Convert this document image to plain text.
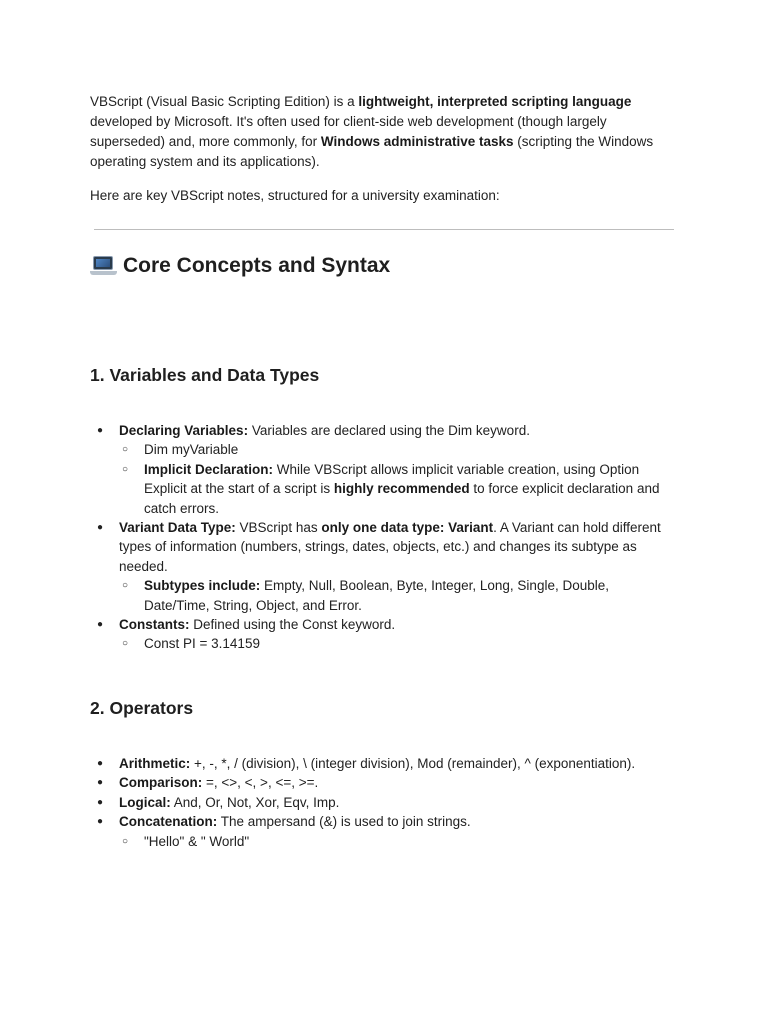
VBScript (Visual Basic Scripting Edition) is a lightweight, interpreted scripting language developed by Microsoft. It's often used for client-side web development (though largely superseded) and, more commonly, for Windows administrative tasks (scripting the Windows operating system and its applications).

Here are key VBScript notes, structured for a university examination:

Core Concepts and Syntax
1. Variables and Data Types
● Declaring Variables: Variables are declared using the Dim keyword.
○ Dim myVariable
○ Implicit Declaration: While VBScript allows implicit variable creation, using Option Explicit at the start of a script is highly recommended to force explicit declaration and catch errors.
● Variant Data Type: VBScript has only one data type: Variant. A Variant can hold different types of information (numbers, strings, dates, objects, etc.) and changes its subtype as needed.
○ Subtypes include: Empty, Null, Boolean, Byte, Integer, Long, Single, Double, Date/Time, String, Object, and Error.
● Constants: Defined using the Const keyword.
○ Const PI = 3.14159
2. Operators
● Arithmetic: +, -, *, / (division), \ (integer division), Mod (remainder), ^ (exponentiation).
● Comparison: =, <>, <, >, <=, >=.
● Logical: And, Or, Not, Xor, Eqv, Imp.
● Concatenation: The ampersand (&) is used to join strings.
○ "Hello" & " World"
